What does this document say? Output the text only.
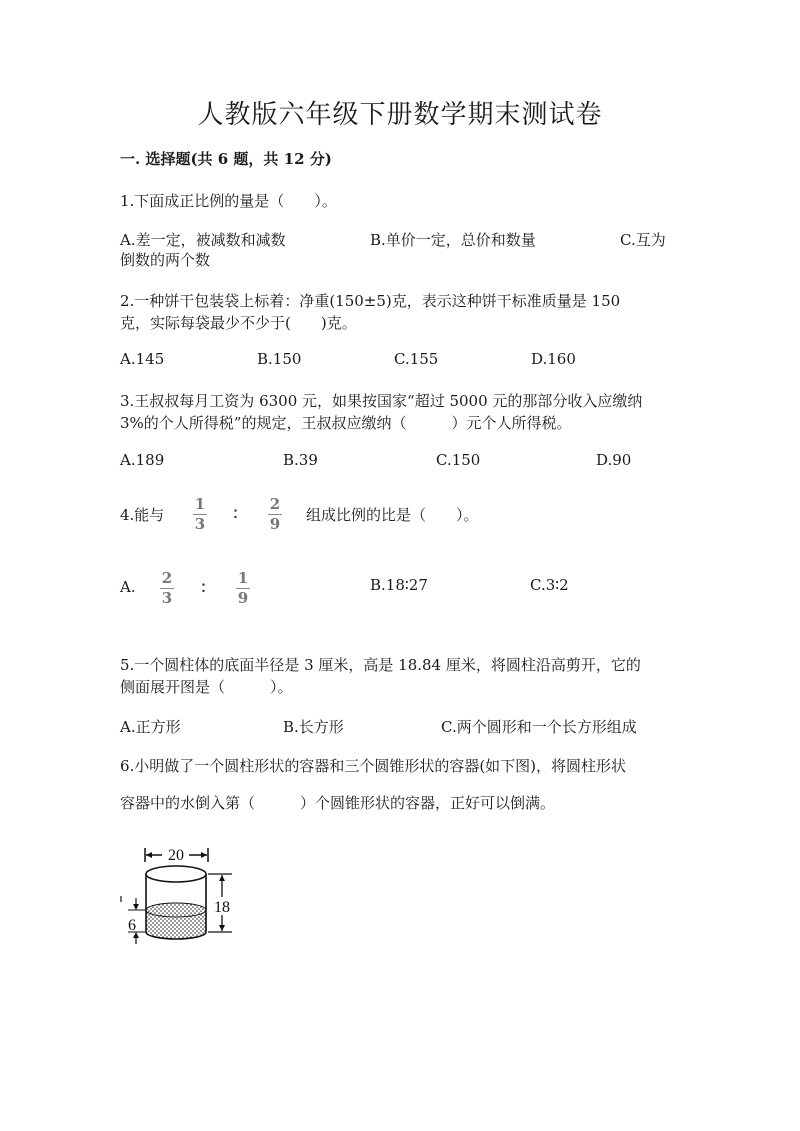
人教版六年级下册数学期末测试卷
一. 选择题(共 6 题，共 12 分)
1.下面成正比例的量是（　　）。
A.差一定，被减数和减数	B.单价一定，总价和数量	C.互为
倒数的两个数
2.一种饼干包装袋上标着：净重(150±5)克，表示这种饼干标准质量是 150
克，实际每袋最少不少于(　　)克。
A.145	B.150	C.155	D.160
3.王叔叔每月工资为 6300 元，如果按国家“超过 5000 元的那部分收入应缴纳
3%的个人所得税”的规定，王叔叔应缴纳（　　　）元个人所得税。
A.189	B.39	C.150	D.90
4.能与
1
3
：	2
9	组成比例的比是（　　）。
A.	2
3
：	1
9
B.18∶27	C.3∶2
5.一个圆柱体的底面半径是 3 厘米，高是 18.84 厘米，将圆柱沿高剪开，它的
侧面展开图是（　　　）。
A.正方形	B.长方形	C.两个圆形和一个长方形组成
6.小明做了一个圆柱形状的容器和三个圆锥形状的容器(如下图)，将圆柱形状
容器中的水倒入第（　　　）个圆锥形状的容器，正好可以倒满。
20
18
6
